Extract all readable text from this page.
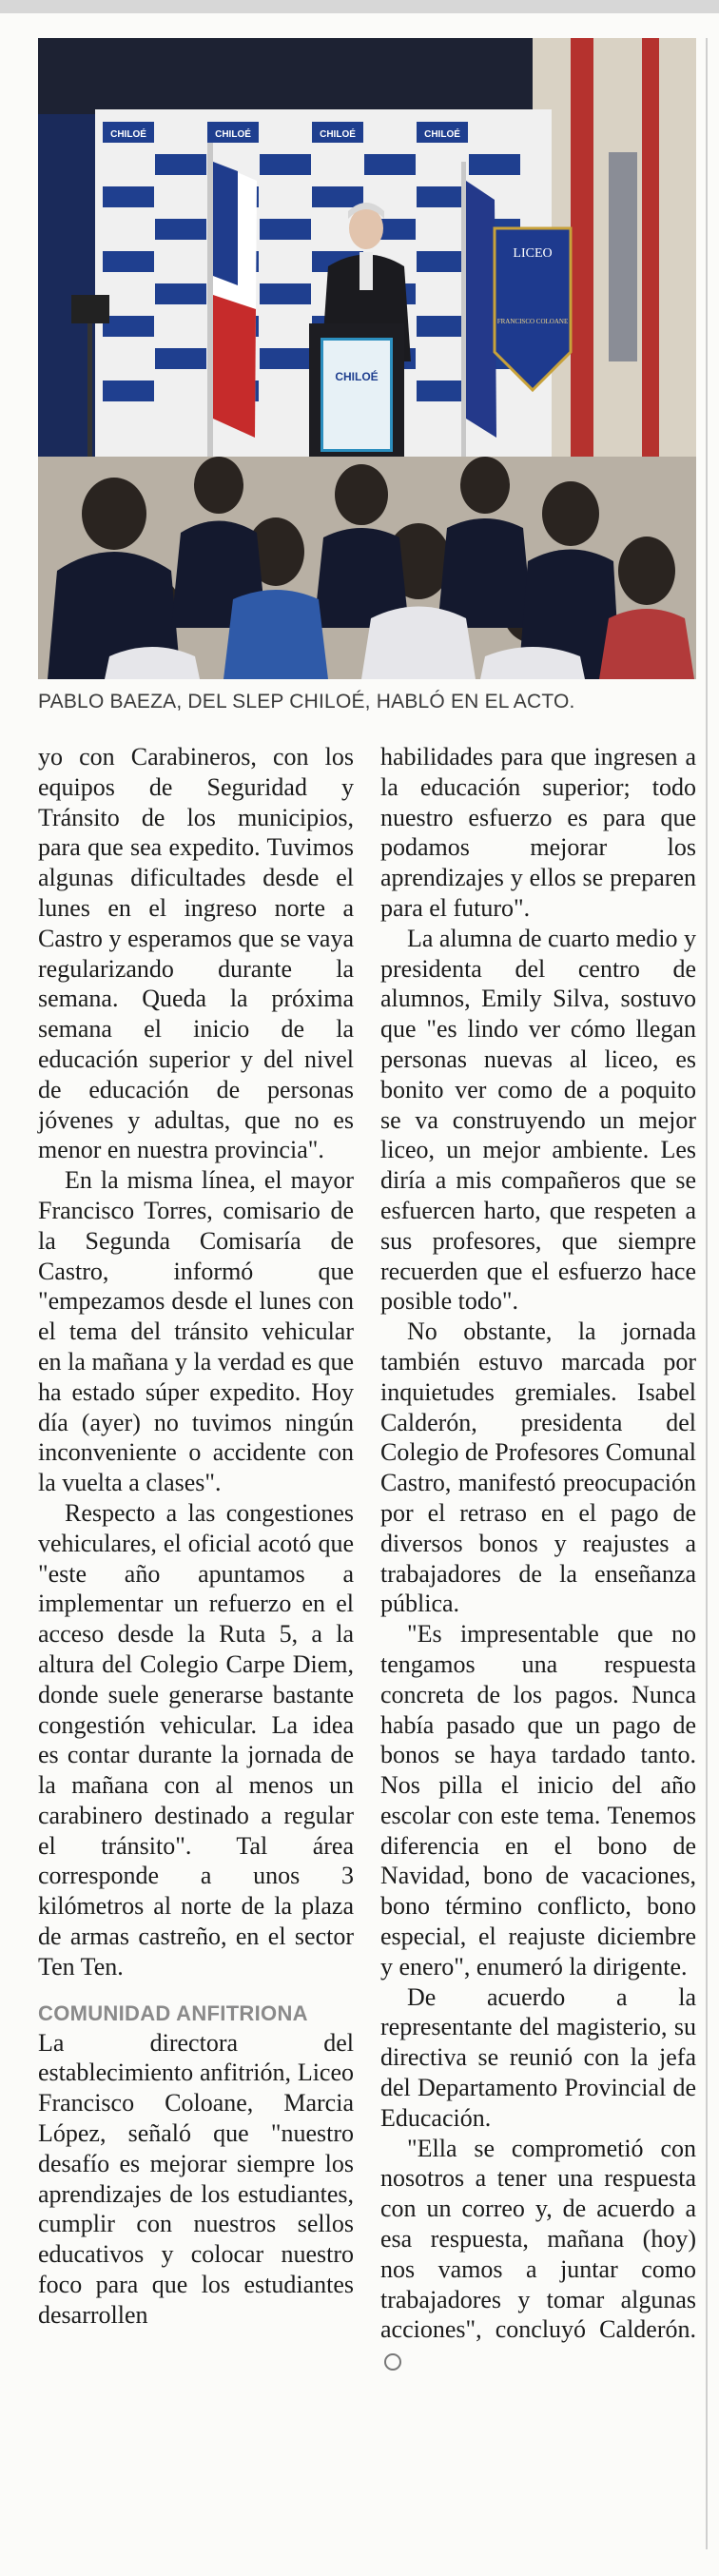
CHILOÉ	CHILOÉ	CHILOÉ	CHILOÉ
LICEO
FRANCISCO COLOANE
CHILOÉ
PABLO BAEZA, DEL SLEP CHILOÉ, HABLÓ EN EL ACTO.

yo con Carabineros, con los equipos de Seguridad y Tránsito de los municipios, para que sea expedito. Tuvimos algunas dificultades desde el lunes en el ingreso norte a Castro y esperamos que se vaya regularizando durante la semana. Queda la próxima semana el inicio de la educación superior y del nivel de educación de personas jóvenes y adultas, que no es menor en nuestra provincia".

En la misma línea, el mayor Francisco Torres, comisario de la Segunda Comisaría de Castro, informó que "empezamos desde el lunes con el tema del tránsito vehicular en la mañana y la verdad es que ha estado súper expedito. Hoy día (ayer) no tuvimos ningún inconveniente o accidente con la vuelta a clases".

Respecto a las congestiones vehiculares, el oficial acotó que "este año apuntamos a implementar un refuerzo en el acceso desde la Ruta 5, a la altura del Colegio Carpe Diem, donde suele generarse bastante congestión vehicular. La idea es contar durante la jornada de la mañana con al menos un carabinero destinado a regular el tránsito". Tal área corresponde a unos 3 kilómetros al norte de la plaza de armas castreño, en el sector Ten Ten.

COMUNIDAD ANFITRIONA

La directora del establecimiento anfitrión, Liceo Francisco Coloane, Marcia López, señaló que "nuestro desafío es mejorar siempre los aprendizajes de los estudiantes, cumplir con nuestros sellos educativos y colocar nuestro foco para que los estudiantes desarrollen

habilidades para que ingresen a la educación superior; todo nuestro esfuerzo es para que podamos mejorar los aprendizajes y ellos se preparen para el futuro".

La alumna de cuarto medio y presidenta del centro de alumnos, Emily Silva, sostuvo que "es lindo ver cómo llegan personas nuevas al liceo, es bonito ver como de a poquito se va construyendo un mejor liceo, un mejor ambiente. Les diría a mis compañeros que se esfuercen harto, que respeten a sus profesores, que siempre recuerden que el esfuerzo hace posible todo".

No obstante, la jornada también estuvo marcada por inquietudes gremiales. Isabel Calderón, presidenta del Colegio de Profesores Comunal Castro, manifestó preocupación por el retraso en el pago de diversos bonos y reajustes a trabajadores de la enseñanza pública.

"Es impresentable que no tengamos una respuesta concreta de los pagos. Nunca había pasado que un pago de bonos se haya tardado tanto. Nos pilla el inicio del año escolar con este tema. Tenemos diferencia en el bono de Navidad, bono de vacaciones, bono término conflicto, bono especial, el reajuste diciembre y enero", enumeró la dirigente.

De acuerdo a la representante del magisterio, su directiva se reunió con la jefa del Departamento Provincial de Educación.

"Ella se comprometió con nosotros a tener una respuesta con un correo y, de acuerdo a esa respuesta, mañana (hoy) nos vamos a juntar como trabajadores y tomar algunas acciones", concluyó Calderón.
